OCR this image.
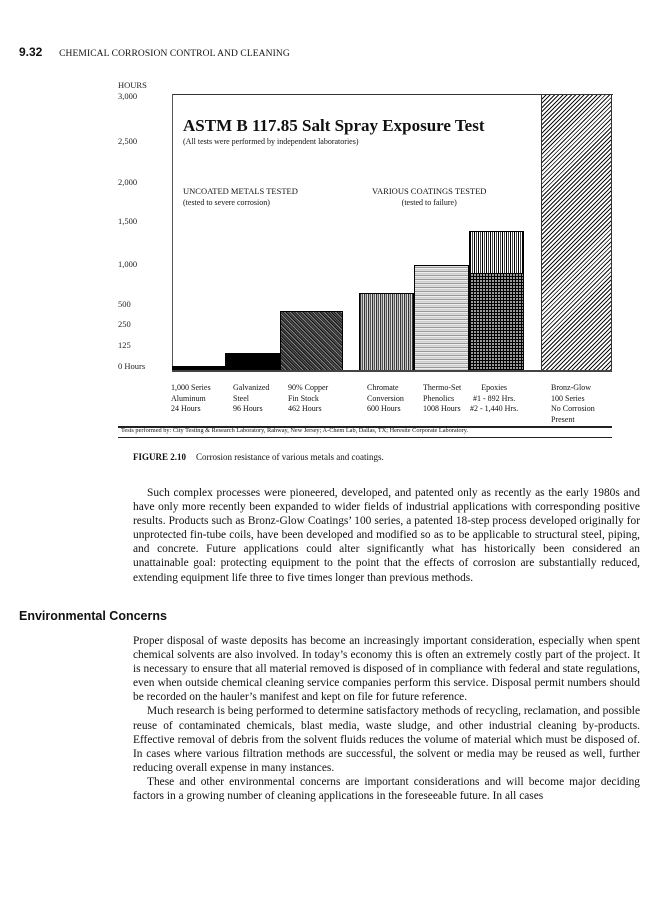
9.32 CHEMICAL CORROSION CONTROL AND CLEANING
HOURS
3,000
2,500
2,000
1,500
1,000
500
250
125
0 Hours
ASTM B 117.85 Salt Spray Exposure Test
(All tests were performed by independent laboratories)
UNCOATED METALS TESTED
(tested to severe corrosion)
VARIOUS COATINGS TESTED
(tested to failure)
1,000 Series
Aluminum
24 Hours
Galvanized
Steel
96 Hours
90% Copper
Fin Stock
462 Hours
Chromate
Conversion
600 Hours
Thermo-Set
Phenolics
1008 Hours
Epoxies
#1 - 892 Hrs.
#2 - 1,440 Hrs.
Bronz-Glow
100 Series
No Corrosion
Present
Tests performed by: City Testing & Research Laboratory, Rahway, New Jersey; A-Chem Lab, Dallas, TX; Heresite Corporate Laboratory.
FIGURE 2.10 Corrosion resistance of various metals and coatings.

Such complex processes were pioneered, developed, and patented only as recently as the early 1980s and have only more recently been expanded to wider fields of industrial applications with corresponding positive results. Products such as Bronz-Glow Coatings’ 100 series, a patented 18-step process developed originally for unprotected fin-tube coils, have been developed and modified so as to be applicable to structural steel, piping, and concrete. Future applications could alter significantly what has historically been considered an unattainable goal: protecting equipment to the point that the effects of corrosion are substantially reduced, extending equipment life three to five times longer than previous methods.

Environmental Concerns

Proper disposal of waste deposits has become an increasingly important consideration, especially when spent chemical solvents are also involved. In today’s economy this is often an extremely costly part of the project. It is necessary to ensure that all material removed is disposed of in compliance with federal and state regulations, even when outside chemical cleaning service companies perform this service. Disposal permit numbers should be recorded on the hauler’s manifest and kept on file for future reference.

Much research is being performed to determine satisfactory methods of recycling, reclamation, and possible reuse of contaminated chemicals, blast media, waste sludge, and other industrial cleaning by-products. Effective removal of debris from the solvent fluids reduces the volume of material which must be disposed of. In cases where various filtration methods are successful, the solvent or media may be reused as well, further reducing overall expense in many instances.

These and other environmental concerns are important considerations and will become major deciding factors in a growing number of cleaning applications in the foreseeable future. In all cases
